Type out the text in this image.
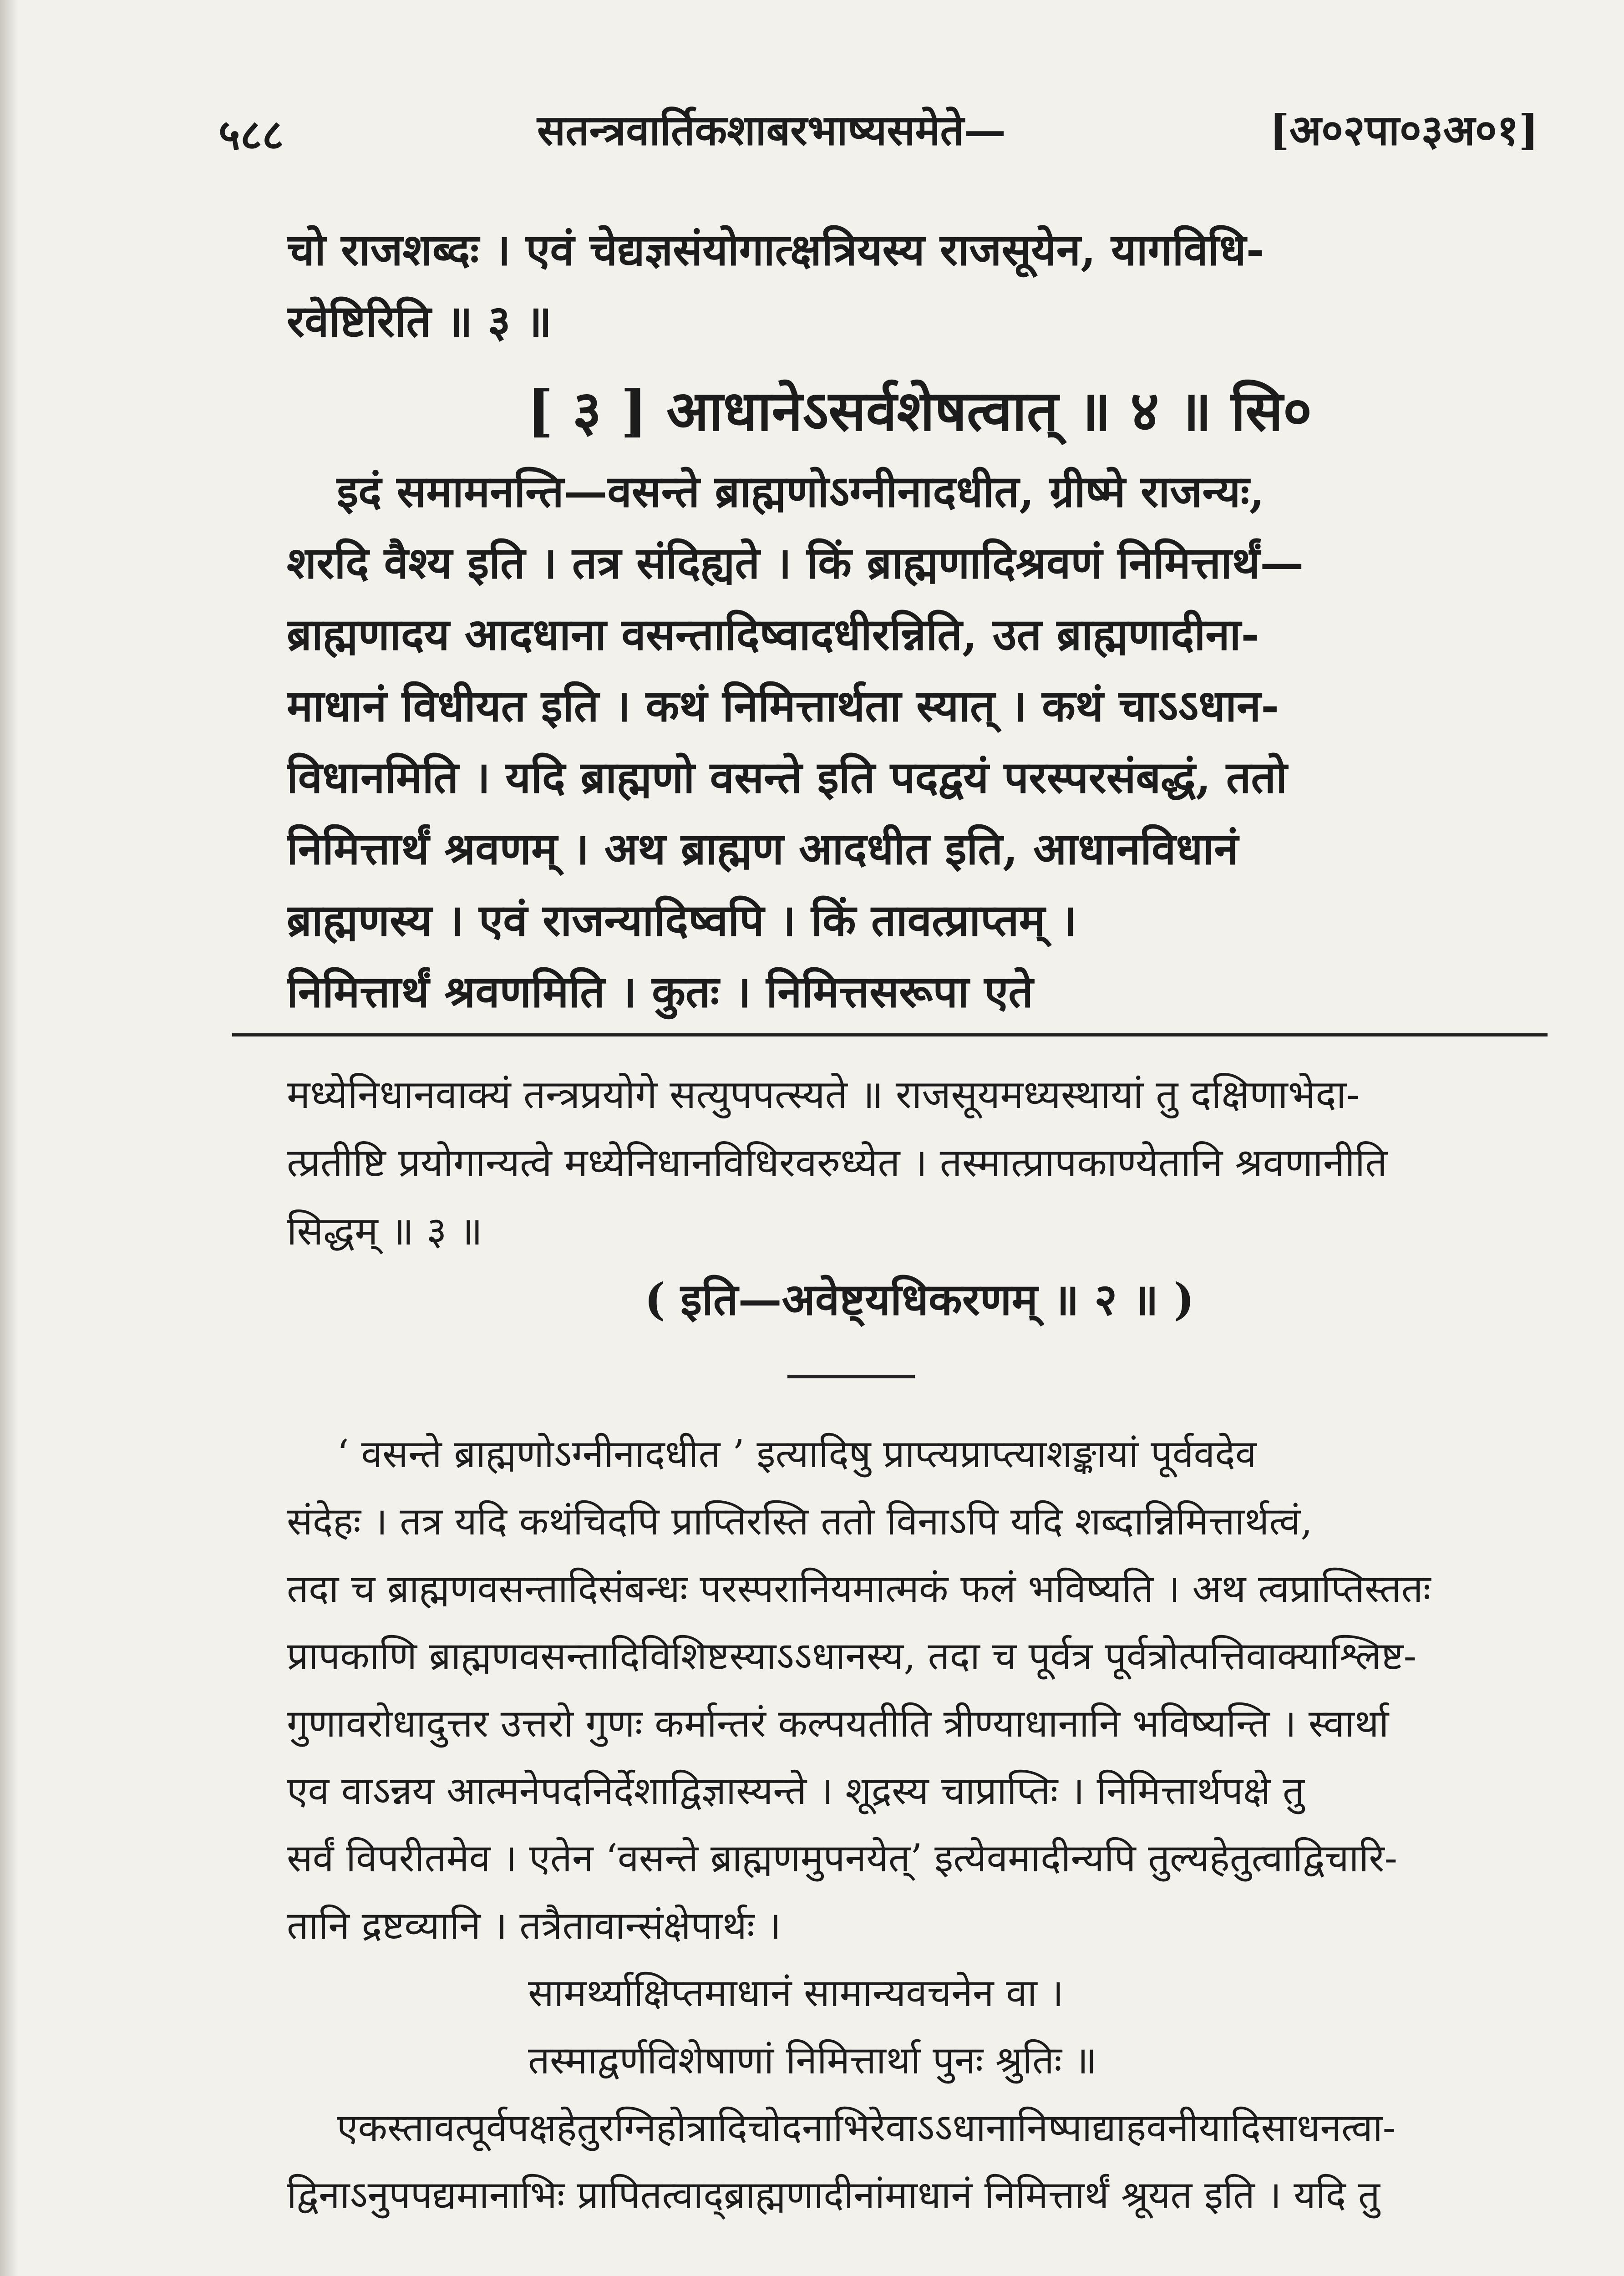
५८८	सतन्त्रवार्तिकशाबरभाष्यसमेते—	[अ०२पा०३अ०१]
चो राजशब्दः । एवं चेद्यज्ञसंयोगात्क्षत्रियस्य राजसूयेन, यागविधि-
रवेष्टिरिति ॥ ३ ॥
[ ३ ] आधानेऽसर्वशेषत्वात् ॥ ४ ॥ सि०
इदं समामनन्ति—वसन्ते ब्राह्मणोऽग्नीनादधीत, ग्रीष्मे राजन्यः,
शरदि वैश्य इति । तत्र संदिह्यते । किं ब्राह्मणादिश्रवणं निमित्तार्थं—
ब्राह्मणादय आदधाना वसन्तादिष्वादधीरन्निति, उत ब्राह्मणादीना-
माधानं विधीयत इति । कथं निमित्तार्थता स्यात् । कथं चाऽऽधान-
विधानमिति । यदि ब्राह्मणो वसन्ते इति पदद्वयं परस्परसंबद्धं, ततो
निमित्तार्थं श्रवणम् । अथ ब्राह्मण आदधीत इति, आधानविधानं
ब्राह्मणस्य । एवं राजन्यादिष्वपि । किं तावत्प्राप्तम् ।
निमित्तार्थं श्रवणमिति । कुतः । निमित्तसरूपा एते
मध्येनिधानवाक्यं तन्त्रप्रयोगे सत्युपपत्स्यते ॥ राजसूयमध्यस्थायां तु दक्षिणाभेदा-
त्प्रतीष्टि प्रयोगान्यत्वे मध्येनिधानविधिरवरुध्येत । तस्मात्प्रापकाण्येतानि श्रवणानीति
सिद्धम् ॥ ३ ॥
( इति—अवेष्ट्यधिकरणम् ॥ २ ॥ )
‘ वसन्ते ब्राह्मणोऽग्नीनादधीत ’ इत्यादिषु प्राप्त्यप्राप्त्याशङ्कायां पूर्ववदेव
संदेहः । तत्र यदि कथंचिदपि प्राप्तिरस्ति ततो विनाऽपि यदि शब्दान्निमित्तार्थत्वं,
तदा च ब्राह्मणवसन्तादिसंबन्धः परस्परानियमात्मकं फलं भविष्यति । अथ त्वप्राप्तिस्ततः
प्रापकाणि ब्राह्मणवसन्तादिविशिष्टस्याऽऽधानस्य, तदा च पूर्वत्र पूर्वत्रोत्पत्तिवाक्याश्लिष्ट-
गुणावरोधादुत्तर उत्तरो गुणः कर्मान्तरं कल्पयतीति त्रीण्याधानानि भविष्यन्ति । स्वार्था
एव वाऽन्नय आत्मनेपदनिर्देशाद्विज्ञास्यन्ते । शूद्रस्य चाप्राप्तिः । निमित्तार्थपक्षे तु
सर्वं विपरीतमेव । एतेन ‘वसन्ते ब्राह्मणमुपनयेत्’ इत्येवमादीन्यपि तुल्यहेतुत्वाद्विचारि-
तानि द्रष्टव्यानि । तत्रैतावान्संक्षेपार्थः ।
सामर्थ्याक्षिप्तमाधानं सामान्यवचनेन वा ।
तस्माद्वर्णविशेषाणां निमित्तार्था पुनः श्रुतिः ॥
एकस्तावत्पूर्वपक्षहेतुरग्निहोत्रादिचोदनाभिरेवाऽऽधानानिष्पाद्याहवनीयादिसाधनत्वा-
द्विनाऽनुपपद्यमानाभिः प्रापितत्वाद्ब्राह्मणादीनांमाधानं निमित्तार्थं श्रूयत इति । यदि तु
